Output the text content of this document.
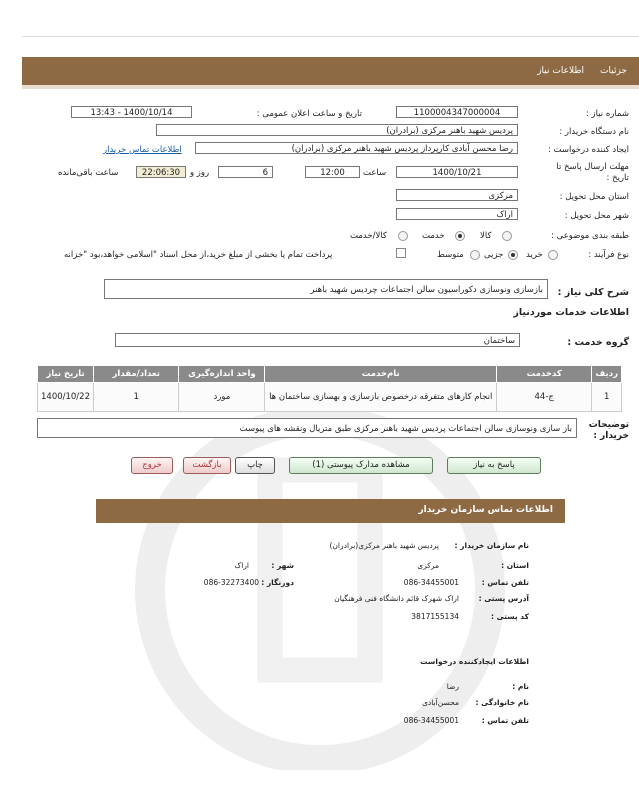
جزئیات
اطلاعات نیاز
شماره نیاز :
1100004347000004
تاریخ و ساعت اعلان عمومی :
1400/10/14 - 13:43
نام دستگاه خریدار :
پردیس شهید باهنر مرکزی (برادران)
ایجاد کننده درخواست :
رضا محسن آبادی کارپرداز پردیس شهید باهنر مرکزی (برادران)
اطلاعات تماس خریدار
مهلت ارسال پاسخ تا تاریخ :
1400/10/21
ساعت
12:00
6
روز و
22:06:30
ساعت باقی‌مانده
استان محل تحویل :
مرکزی
شهر محل تحویل :
اراک
طبقه بندی موضوعی :
کالا
خدمت
کالا/خدمت
نوع فرآیند :
خرید
جزیی
متوسط
پرداخت تمام یا بخشی از مبلغ خرید،از محل اسناد "اسلامی خواهد،بود "خزانه
شرح کلی نیاز :
بازسازی ونوسازی دکوراسیون سالن اجتماعات چردیس شهید باهنر
اطلاعات خدمات موردنیاز
گروه خدمت :
ساختمان
ردیف	کدخدمت	نام‌خدمت	واحد اندازه‌گیری	تعداد/مقدار	تاریخ نیاز
1	ج-44	انجام کارهای متفرقه درخصوص بازسازی و بهسازی ساختمان ها	مورد	1	1400/10/22
توضیحات خریدار :
باز سازی ونوسازی سالن اجتماعات پردیس شهید باهنر مرکزی طبق متریال ونقشه های پیوست
پاسخ به نیاز
مشاهده مدارک پیوستی (1)
چاپ
بازگشت
خروج
اطلاعات تماس سازمان خریدار
نام سازمان خریدار :
پردیس شهید باهنر مرکزی(برادران)
استان :
مرکزی
شهر :
اراک
تلفن تماس :
086-34455001
دورنگار :
086-32273400
آدرس پستی :
اراک شهرک قائم دانشگاه فنی فرهنگیان
کد پستی :
3817155134
اطلاعات ایجادکننده درخواست
نام :
رضا
نام خانوادگی :
محسن‌آبادی
تلفن تماس :
086-34455001
